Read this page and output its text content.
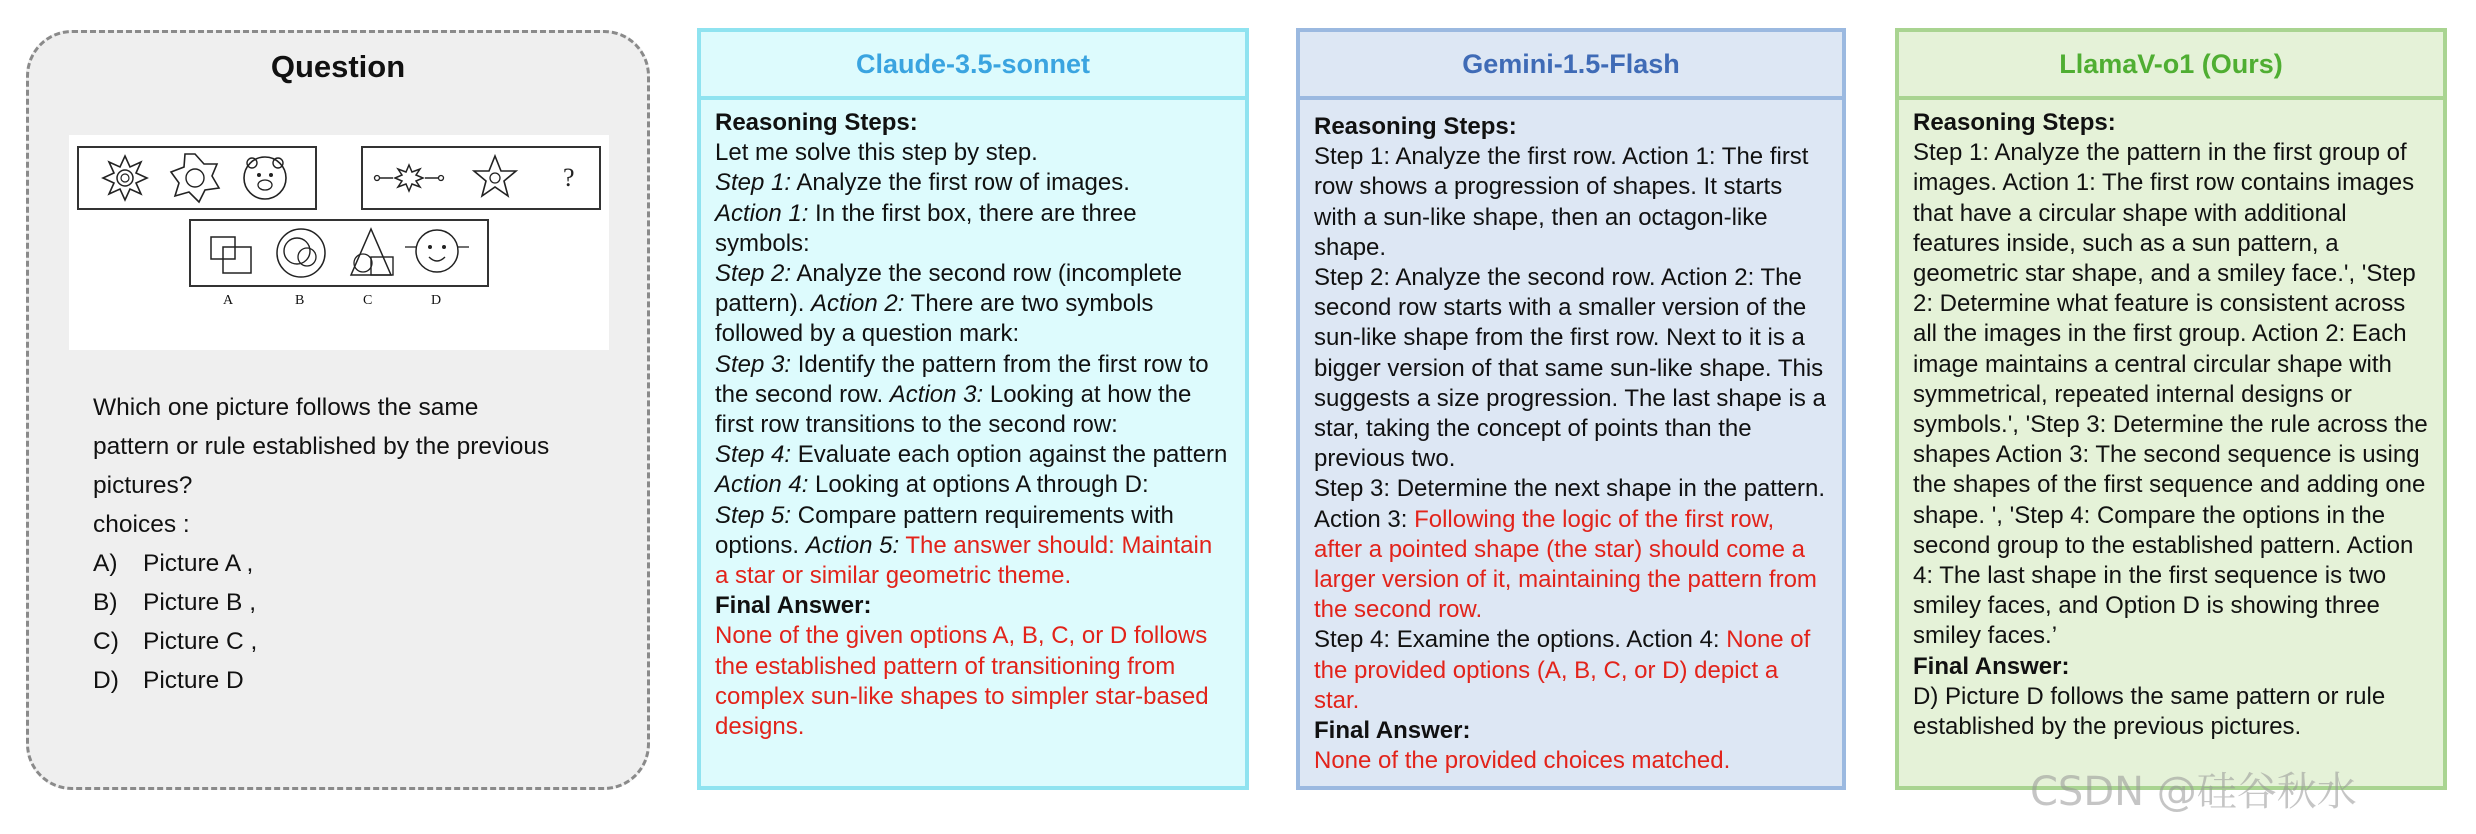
Question
?
A	B	C	D
Which one picture follows the same
pattern or rule established by the previous
pictures?
choices :
A)	Picture A ,
B)	Picture B ,
C) Picture C ,
D) Picture D
Claude-3.5-sonnet
Reasoning Steps:
Let me solve this step by step.
Step 1: Analyze the first row of images.
Action 1: In the first box, there are three symbols:
Step 2: Analyze the second row (incomplete pattern). Action 2: There are two symbols followed by a question mark:
Step 3: Identify the pattern from the first row to the second row. Action 3: Looking at how the first row transitions to the second row:
Step 4: Evaluate each option against the pattern Action 4: Looking at options A through D:
Step 5: Compare pattern requirements with options. Action 5: The answer should: Maintain a star or similar geometric theme.
Final Answer:
None of the given options A, B, C, or D follows the established pattern of transitioning from complex sun-like shapes to simpler star-based designs.
Gemini-1.5-Flash
Reasoning Steps:
Step 1: Analyze the first row. Action 1: The first row shows a progression of shapes. It starts with a sun-like shape, then an octagon-like shape.
Step 2: Analyze the second row. Action 2: The second row starts with a smaller version of the sun-like shape from the first row. Next to it is a bigger version of that same sun-like shape. This suggests a size progression. The last shape is a star, taking the concept of points than the previous two.
Step 3: Determine the next shape in the pattern. Action 3: Following the logic of the first row, after a pointed shape (the star) should come a larger version of it, maintaining the pattern from the second row.
Step 4: Examine the options. Action 4: None of the provided options (A, B, C, or D) depict a star.
Final Answer:
None of the provided choices matched.
LlamaV-o1 (Ours)
Reasoning Steps:
Step 1: Analyze the pattern in the first group of images. Action 1: The first row contains images that have a circular shape with additional features inside, such as a sun pattern, a geometric star shape, and a smiley face.', 'Step 2: Determine what feature is consistent across all the images in the first group. Action 2: Each image maintains a central circular shape with symmetrical, repeated internal designs or symbols.', 'Step 3: Determine the rule across the shapes Action 3: The second sequence is using the shapes of the first sequence and adding one shape. ', 'Step 4: Compare the options in the second group to the established pattern. Action 4: The last shape in the first sequence is two smiley faces, and Option D is showing three smiley faces.’
Final Answer:
D) Picture D follows the same pattern or rule established by the previous pictures.
CSDN @硅谷秋水
